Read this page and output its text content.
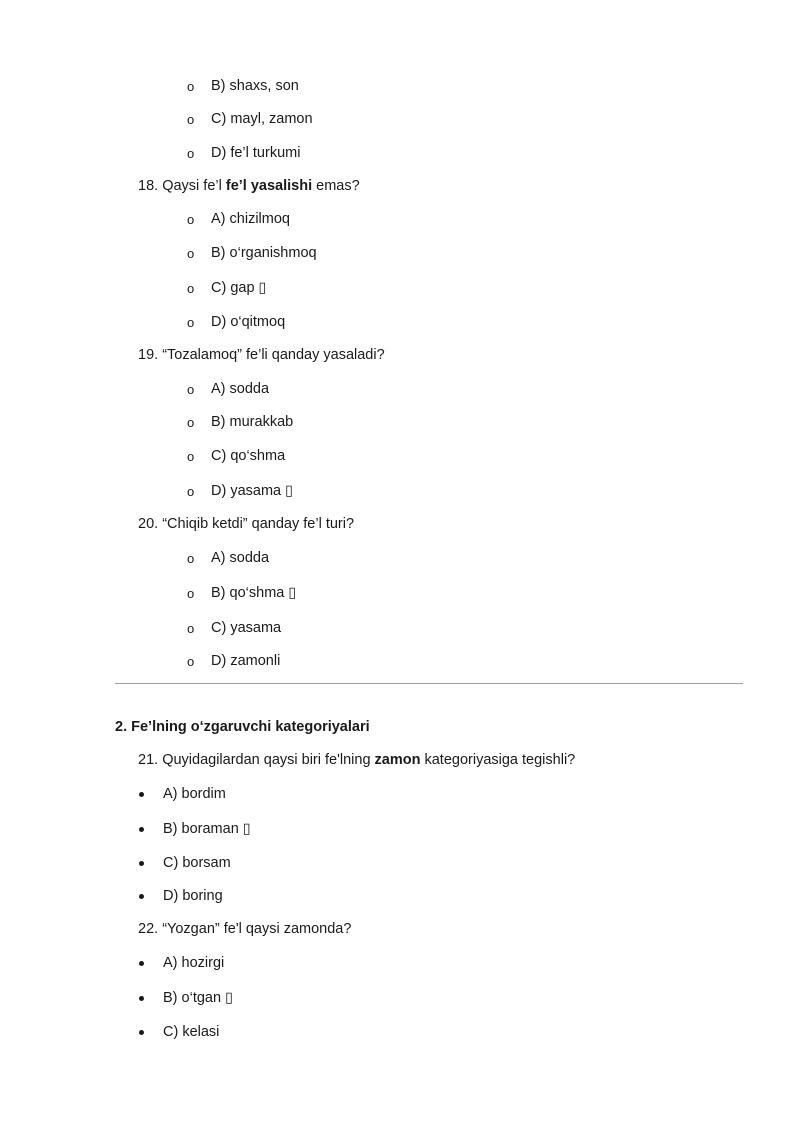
o B) shaxs, son
o C) mayl, zamon
o D) fe’l turkumi
18. Qaysi fe’l fe’l yasalishi emas?
o A) chizilmoq
o B) o‘rganishmoq
o C) gap ▯
o D) o‘qitmoq
19. “Tozalamoq” fe’li qanday yasaladi?
o A) sodda
o B) murakkab
o C) qo‘shma
o D) yasama ▯
20. “Chiqib ketdi” qanday fe’l turi?
o A) sodda
o B) qo‘shma ▯
o C) yasama
o D) zamonli
2. Fe’lning o‘zgaruvchi kategoriyalari
21. Quyidagilardan qaysi biri fe'lning zamon kategoriyasiga tegishli?
A) bordim
B) boraman ▯
C) borsam
D) boring
22. “Yozgan” fe'l qaysi zamonda?
A) hozirgi
B) o‘tgan ▯
C) kelasi
